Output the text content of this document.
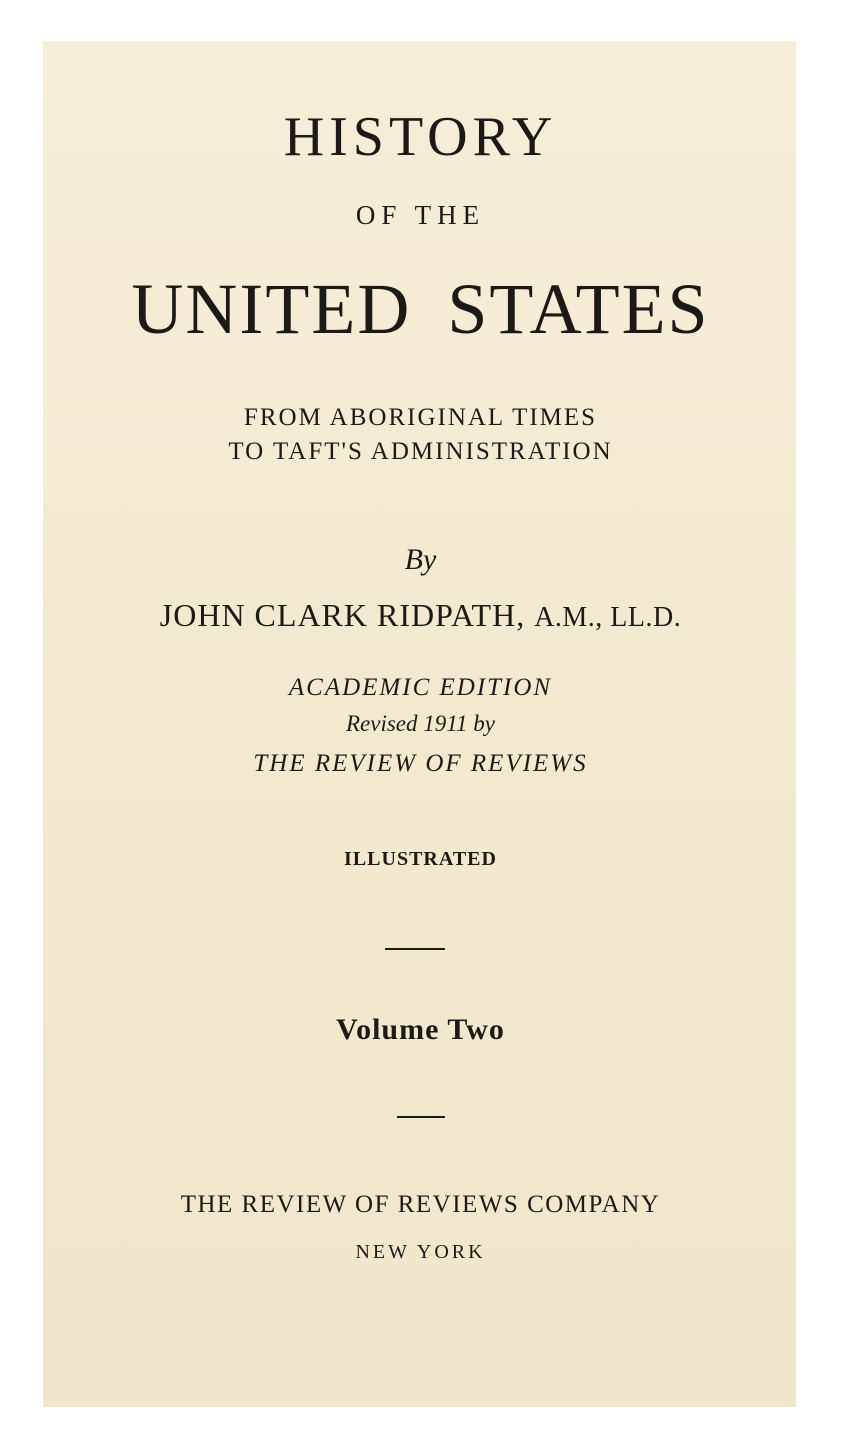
HISTORY

OF THE

UNITED STATES

FROM ABORIGINAL TIMES

TO TAFT'S ADMINISTRATION

By

JOHN CLARK RIDPATH, A.M., LL.D.

ACADEMIC EDITION

Revised 1911 by

THE REVIEW OF REVIEWS

ILLUSTRATED

Volume Two

THE REVIEW OF REVIEWS COMPANY

NEW YORK
